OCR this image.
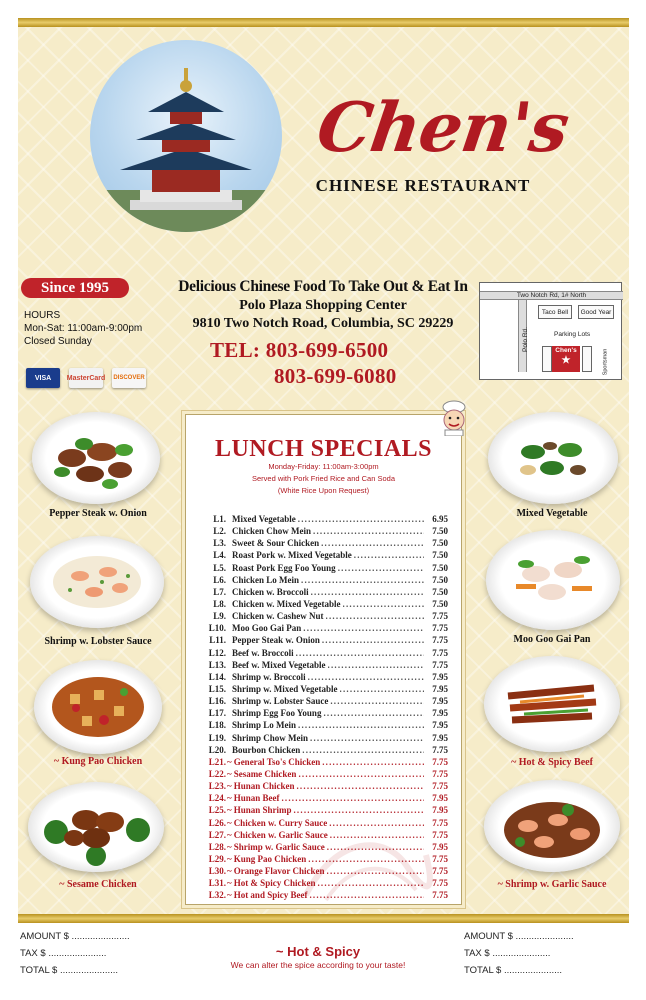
Chen's
CHINESE RESTAURANT
Since 1995
HOURS
Mon-Sat: 11:00am-9:00pm
Closed Sunday
VISA	MasterCard DISCOVER
Delicious Chinese Food To Take Out & Eat In
Polo Plaza Shopping Center
9810 Two Notch Road, Columbia, SC 29229
TEL: 803-699-6500
803-699-6080
Two Notch Rd, 1# North
Polo Rd.
Taco Bell	Good Year
Parking Lots
Chen's
★	Sportsman
LUNCH SPECIALS
Monday-Friday: 11:00am-3:00pm
Served with Pork Fried Rice and Can Soda
(White Rice Upon Request)
L1. Mixed Vegetable .....	6.95
L2. Chicken Chow Mein .....	7.50
L3. Sweet & Sour Chicken .....	7.50
L4. Roast Pork w. Mixed Vegetable .....	7.50
L5. Roast Pork Egg Foo Young .....	7.50
L6. Chicken Lo Mein .....	7.50
L7. Chicken w. Broccoli .....	7.50
L8. Chicken w. Mixed Vegetable .....	7.50
L9. Chicken w. Cashew Nut .....	7.75
L10. Moo Goo Gai Pan .....	7.75
L11. Pepper Steak w. Onion .....	7.75
L12. Beef w. Broccoli .....	7.75
L13. Beef w. Mixed Vegetable .....	7.75
L14. Shrimp w. Broccoli .....	7.95
L15. Shrimp w. Mixed Vegetable .....	7.95
L16. Shrimp w. Lobster Sauce .....	7.95
L17. Shrimp Egg Foo Young .....	7.95
L18. Shrimp Lo Mein .....	7.95
L19. Shrimp Chow Mein .....	7.95
L20. Bourbon Chicken .....	7.75
L21. ~ General Tso's Chicken .....	7.75
L22. ~ Sesame Chicken .....	7.75
L23. ~ Hunan Chicken .....	7.75
L24. ~ Hunan Beef .....	7.95
L25. ~ Hunan Shrimp .....	7.95
L26. ~ Chicken w. Curry Sauce .....	7.75
L27. ~ Chicken w. Garlic Sauce .....	7.75
L28. ~ Shrimp w. Garlic Sauce .....	7.95
L29. ~ Kung Pao Chicken .....	7.75
L30. ~ Orange Flavor Chicken .....	7.75
L31. ~ Hot & Spicy Chicken .....	7.75
L32. ~ Hot and Spicy Beef .....	7.75
Pepper Steak w. Onion
Shrimp w. Lobster Sauce
~ Kung Pao Chicken
~ Sesame Chicken
Mixed Vegetable
Moo Goo Gai Pan
~ Hot & Spicy Beef
~ Shrimp w. Garlic Sauce
AMOUNT $ ......................
TAX $ ......................
TOTAL $ ......................
~ Hot & Spicy
We can alter the spice according to your taste!
AMOUNT $ ......................
TAX $ ......................
TOTAL $ ......................
